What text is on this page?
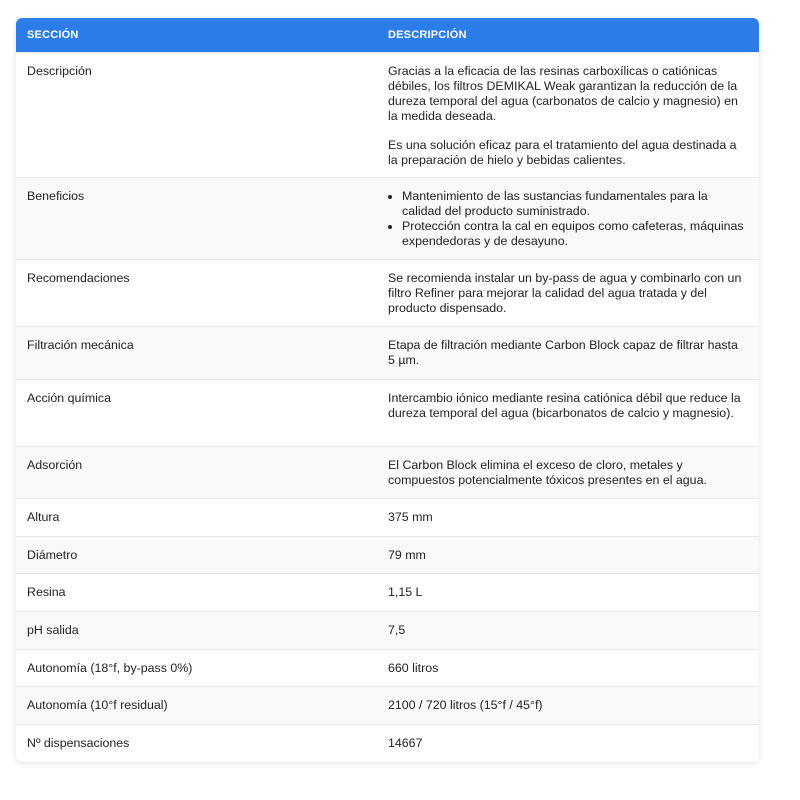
SECCIÓN	DESCRIPCIÓN
Descripción	Gracias a la eficacia de las resinas carboxílicas o catiónicas débiles, los filtros DEMIKAL Weak garantizan la reducción de la dureza temporal del agua (carbonatos de calcio y magnesio) en la medida deseada.

Es una solución eficaz para el tratamiento del agua destinada a la preparación de hielo y bebidas calientes.

Beneficios
•	Mantenimiento de las sustancias fundamentales para la calidad del producto suministrado.
• Protección contra la cal en equipos como cafeteras, máquinas expendedoras y de desayuno.
Recomendaciones	Se recomienda instalar un by-pass de agua y combinarlo con un filtro Refiner para mejorar la calidad del agua tratada y del producto dispensado.
Filtración mecánica	Etapa de filtración mediante Carbon Block capaz de filtrar hasta 5 µm.
Acción química	Intercambio iónico mediante resina catiónica débil que reduce la dureza temporal del agua (bicarbonatos de calcio y magnesio).
Adsorción	El Carbon Block elimina el exceso de cloro, metales y compuestos potencialmente tóxicos presentes en el agua.
Altura	375 mm
Diámetro	79 mm
Resina	1,15 L
pH salida	7,5
Autonomía (18°f, by-pass 0%)	660 litros
Autonomía (10°f residual)	2100 / 720 litros (15°f / 45°f)
Nº dispensaciones	14667
